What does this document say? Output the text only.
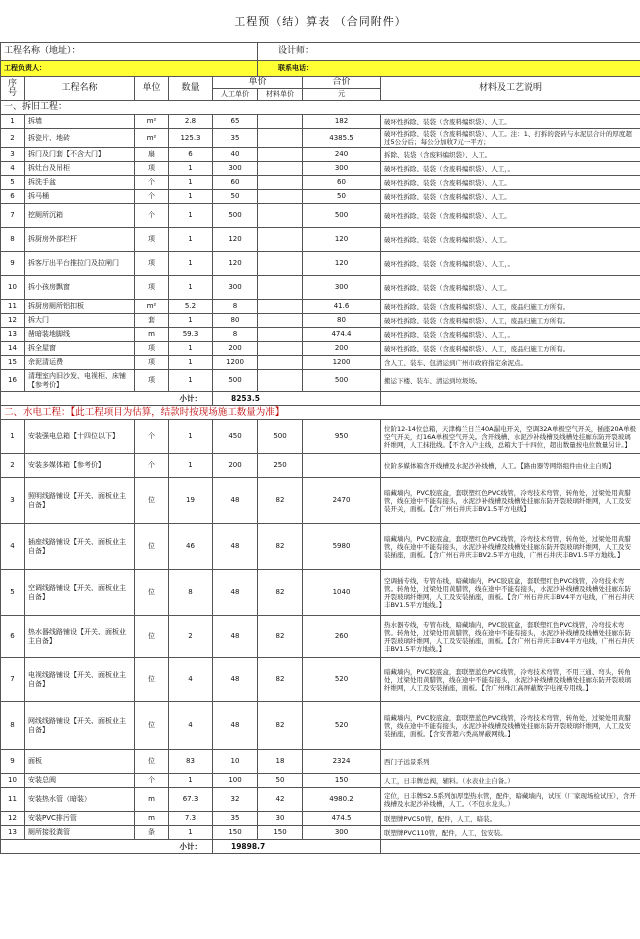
工程预（结）算表 （合同附件）							
工程名称（地址）：					设计师：		
工程负责人：					联系电话：		
序号	工程名称	单位	数量	单价		合价	材料及工艺说明
				人工单价	材料单价	元	
一、拆旧工程：							
1	拆墙	m²	2.8	65		182	破坏性拆除、装袋（含废料编织袋）、人工。
2	拆瓷片、地砖	m²	125.3	35		4385.5	破坏性拆除、装袋（含废料编织袋）、人工。注：1、打拆的瓷砖与水泥层合计的厚度超过5公分后；每公分加收7元一平方；
3	拆门及门套【不含大门】	扇	6	40		240	拆除、装袋（含废料编织袋）、人工。
4	拆灶台及吊柜	项	1	300		300	破坏性拆除、装袋（含废料编织袋）、人工，。
5	拆洗手盆	个	1	60		60	破坏性拆除、装袋（含废料编织袋）、人工。
6	拆马桶	个	1	50		50	破坏性拆除、装袋（含废料编织袋）、人工。
7	挖厕所沉箱	个	1	500		500	破坏性拆除、装袋（含废料编织袋）、人工。
8	拆厨房外部栏杆	项	1	120		120	破坏性拆除、装袋（含废料编织袋）、人工。
9	拆客厅出平台推拉门及拉闸门	项	1	120		120	破坏性拆除、装袋（含废料编织袋）、人工，。
10	拆小孩房飘窗	项	1	300		300	破坏性拆除、装袋（含废料编织袋）、人工。
11	拆厨房厕所铝扣板	m²	5.2	8		41.6	破坏性拆除、装袋（含废料编织袋）、人工，废品归施工方所有。
12	拆大门	套	1	80		80	破坏性拆除、装袋（含废料编织袋）、人工，废品归施工方所有。
13	凿暗装地脚线	m	59.3	8		474.4	破坏性拆除、装袋（含废料编织袋）、人工，。
14	拆全屋窗	项	1	200		200	破坏性拆除、装袋（含废料编织袋）、人工，废品归施工方所有。
15	余泥清运费	项	1	1200		1200	含人工、装车、包清运到广州市政府指定余泥点。
16	清理室内旧沙发、电视柜、床铺【参考价】	项	1	500		500	搬运下楼、装车、清运到垃圾场。
小计：				8253.5			
二、水电工程：【此工程项目为估算，结款时按现场施工数量为准】							
1	安装强电总箱【十四位以下】	个	1	450	500	950	位阶12-14位总箱，天津梅兰日兰40A漏电开关，空调32A单极空气开关，插座20A单极空气开关，灯16A单极空气开关。含开线槽、水泥沙补线槽及线槽处挂廊东防开裂玻璃纤维网，人工抹批线。【不含入户主线，总箱大于十四位，超出数量按电位数量另计。】
2	安装多媒体箱【参考价】	个	1	200	250		位阶多媒体箱含开线槽及水泥沙补线槽，人工。【路由器等网络组件由业主自购】
3	照明线路铺设【开关、面板业主自备】	位	19	48	82	2470	暗藏墙内，PVC胶底盒，套联塑红色PVC线管，冷弯技术弯管，转角处，过梁处用黄腊管，线在途中不能有接头，水泥沙补线槽及线槽处挂廊东防开裂玻璃纤维网，人工及安装开关，面板。【含广州石井庆丰BV1.5平方电线】
4	插座线路铺设【开关、面板业主自备】	位	46	48	82	5980	暗藏墙内，PVC胶底盒，套联塑红色PVC线管，冷弯技术弯管，转角处，过梁处用黄腊管，线在途中不能有接头，水泥沙补线槽及线槽处挂廊东防开裂玻璃纤维网，人工及安装插座，面板。【含广州石井庆丰BV2.5平方电线，广州石井庆丰BV1.5平方地线。】
5	空调线路铺设【开关、面板业主自备】	位	8	48	82	1040	空调插专线，专管布线，暗藏墙内，PVC胶底盒，套联塑红色PVC线管，冷弯技术弯管。转角处，过梁处用黄腊管，线在途中不能有接头，水泥沙补线槽及线槽处挂廊东防开裂玻璃纤维网，人工及安装插座，面板。【含广州石井庆丰BV4平方电线，广州石井庆丰BV1.5平方地线。】
6	热水器线路铺设【开关、面板业主自备】	位	2	48	82	260	热水器专线，专管布线，暗藏墙内，PVC胶底盒，套联塑红色PVC线管，冷弯技术弯管。转角处，过梁处用黄腊管，线在途中不能有接头，水泥沙补线槽及线槽处挂廊东防开裂玻璃纤维网，人工及安装插座，面板。【含广州石井庆丰BV4平方电线，广州石井庆丰BV1.5平方地线。】
7	电视线路铺设【开关、面板业主自备】	位	4	48	82	520	暗藏墙内，PVC胶底盒，套联塑蓝色PVC线管，冷弯技术弯管，不用三通、弯头，转角处，过梁处用黄腊管，线在途中不能有接头，水泥沙补线槽及线槽处挂廊东防开裂玻璃纤维网，人工及安装插座，面板。【含广州珠江高屏蔽数字电视专用线。】
8	网线线路铺设【开关、面板业主自备】	位	4	48	82	520	暗藏墙内，PVC胶底盒，套联塑蓝色PVC线管，冷弯技术弯管，转角处，过梁处用黄腊管，线在途中不能有接头，水泥沙补线槽及线槽处挂廊东防开裂玻璃纤维网，人工及安装插座，面板。【含安普超六类高屏蔽网线。】
9	面板	位	83	10	18	2324	西门子远景系列
10	安装总阀	个	1	100	50	150	人工，日丰牌总阀，辅料。（水表业主自备。）
11	安装热水管（暗装）	m	67.3	32	42	4980.2	定位，日丰牌S2.5系列加厚型热水管，配件，暗藏墙内，试压（厂家现场检试压），含开线槽及水泥沙补线槽，人工。（不包水龙头。）
12	安装PVC排污管	m	7.3	35	30	474.5	联塑牌PVC50管，配件，人工，暗装。
13	厕所接驳粪管	条	1	150	150	300	联塑牌PVC110管，配件，人工，包安装。
小计：				19898.7			
